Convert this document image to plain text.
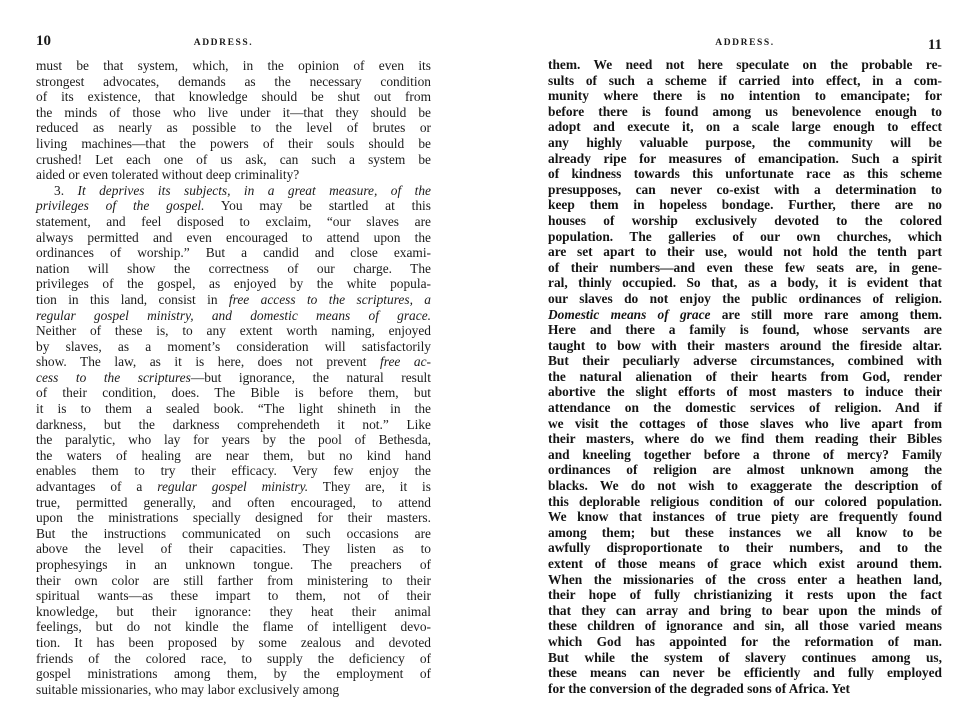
10	ADDRESS.
must be that system, which, in the opinion of even its
strongest advocates, demands as the necessary condition
of its existence, that knowledge should be shut out from
the minds of those who live under it—that they should be
reduced as nearly as possible to the level of brutes or
living machines—that the powers of their souls should be
crushed! Let each one of us ask, can such a system be
aided or even tolerated without deep criminality?
3. It deprives its subjects, in a great measure, of the
privileges of the gospel. You may be startled at this
statement, and feel disposed to exclaim, “our slaves are
always permitted and even encouraged to attend upon the
ordinances of worship.” But a candid and close exami-
nation will show the correctness of our charge. The
privileges of the gospel, as enjoyed by the white popula-
tion in this land, consist in free access to the scriptures, a
regular gospel ministry, and domestic means of grace.
Neither of these is, to any extent worth naming, enjoyed
by slaves, as a moment’s consideration will satisfactorily
show. The law, as it is here, does not prevent free ac-
cess to the scriptures—but ignorance, the natural result
of their condition, does. The Bible is before them, but
it is to them a sealed book. “The light shineth in the
darkness, but the darkness comprehendeth it not.” Like
the paralytic, who lay for years by the pool of Bethesda,
the waters of healing are near them, but no kind hand
enables them to try their efficacy. Very few enjoy the
advantages of a regular gospel ministry. They are, it is
true, permitted generally, and often encouraged, to attend
upon the ministrations specially designed for their masters.
But the instructions communicated on such occasions are
above the level of their capacities. They listen as to
prophesyings in an unknown tongue. The preachers of
their own color are still farther from ministering to their
spiritual wants—as these impart to them, not of their
knowledge, but their ignorance: they heat their animal
feelings, but do not kindle the flame of intelligent devo-
tion. It has been proposed by some zealous and devoted
friends of the colored race, to supply the deficiency of
gospel ministrations among them, by the employment of
suitable missionaries, who may labor exclusively among
ADDRESS.	11
them. We need not here speculate on the probable re-
sults of such a scheme if carried into effect, in a com-
munity where there is no intention to emancipate; for
before there is found among us benevolence enough to
adopt and execute it, on a scale large enough to effect
any highly valuable purpose, the community will be
already ripe for measures of emancipation. Such a spirit
of kindness towards this unfortunate race as this scheme
presupposes, can never co-exist with a determination to
keep them in hopeless bondage. Further, there are no
houses of worship exclusively devoted to the colored
population. The galleries of our own churches, which
are set apart to their use, would not hold the tenth part
of their numbers—and even these few seats are, in gene-
ral, thinly occupied. So that, as a body, it is evident that
our slaves do not enjoy the public ordinances of religion.
Domestic means of grace are still more rare among them.
Here and there a family is found, whose servants are
taught to bow with their masters around the fireside altar.
But their peculiarly adverse circumstances, combined with
the natural alienation of their hearts from God, render
abortive the slight efforts of most masters to induce their
attendance on the domestic services of religion. And if
we visit the cottages of those slaves who live apart from
their masters, where do we find them reading their Bibles
and kneeling together before a throne of mercy? Family
ordinances of religion are almost unknown among the
blacks. We do not wish to exaggerate the description of
this deplorable religious condition of our colored population.
We know that instances of true piety are frequently found
among them; but these instances we all know to be
awfully disproportionate to their numbers, and to the
extent of those means of grace which exist around them.
When the missionaries of the cross enter a heathen land,
their hope of fully christianizing it rests upon the fact
that they can array and bring to bear upon the minds of
these children of ignorance and sin, all those varied means
which God has appointed for the reformation of man.
But while the system of slavery continues among us,
these means can never be efficiently and fully employed
for the conversion of the degraded sons of Africa. Yet
